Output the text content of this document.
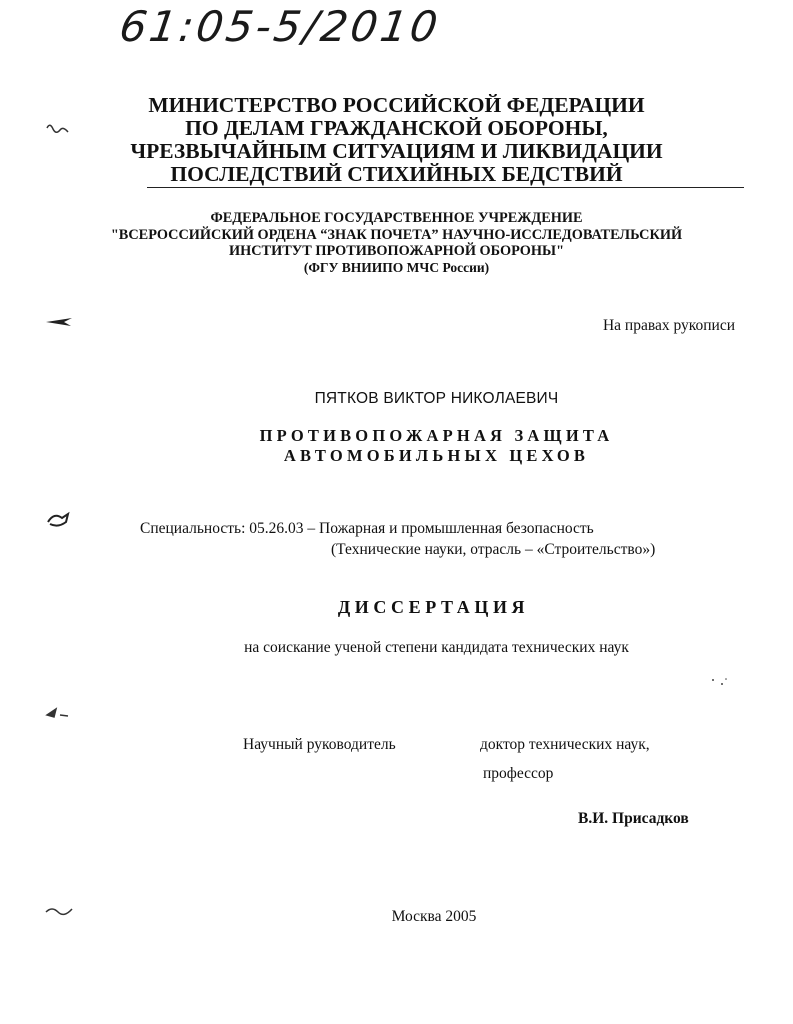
61:05-5/2010
МИНИСТЕРСТВО РОССИЙСКОЙ ФЕДЕРАЦИИ
ПО ДЕЛАМ ГРАЖДАНСКОЙ ОБОРОНЫ,
ЧРЕЗВЫЧАЙНЫМ СИТУАЦИЯМ И ЛИКВИДАЦИИ
ПОСЛЕДСТВИЙ СТИХИЙНЫХ БЕДСТВИЙ
ФЕДЕРАЛЬНОЕ ГОСУДАРСТВЕННОЕ УЧРЕЖДЕНИЕ
"ВСЕРОССИЙСКИЙ ОРДЕНА “ЗНАК ПОЧЕТА” НАУЧНО-ИССЛЕДОВАТЕЛЬСКИЙ
ИНСТИТУТ ПРОТИВОПОЖАРНОЙ ОБОРОНЫ"
(ФГУ ВНИИПО МЧС России)
На правах рукописи
ПЯТКОВ ВИКТОР НИКОЛАЕВИЧ
ПРОТИВОПОЖАРНАЯ ЗАЩИТА
АВТОМОБИЛЬНЫХ ЦЕХОВ
Специальность: 05.26.03 – Пожарная и промышленная безопасность
(Технические науки, отрасль – «Строительство»)
ДИССЕРТАЦИЯ
на соискание ученой степени кандидата технических наук
Научный руководитель	доктор технических наук,
профессор
В.И. Присадков
Москва 2005
